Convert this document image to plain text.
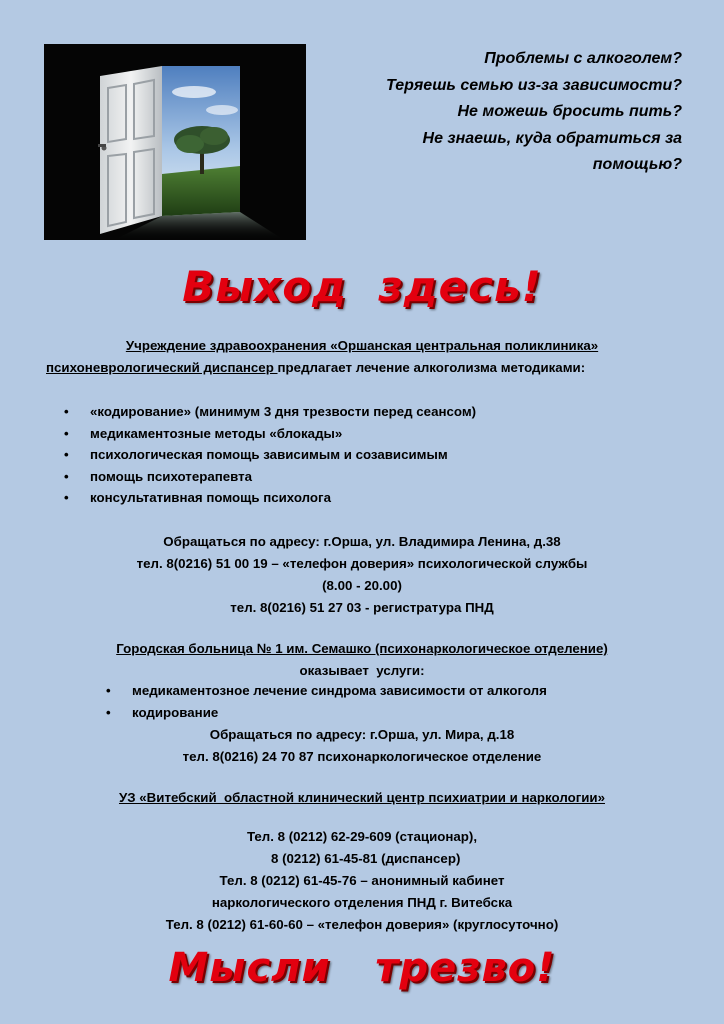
Проблемы с алкоголем?
Теряешь семью из-за зависимости?
Не можешь бросить пить?
Не знаешь, куда обратиться за
помощью?
Выход  здесь!
Учреждение здравоохранения «Оршанская центральная поликлиника»
психоневрологический диспансер предлагает лечение алкоголизма методиками:
• «кодирование» (минимум 3 дня трезвости перед сеансом)
• медикаментозные методы «блокады»
• психологическая помощь зависимым и созависимым
• помощь психотерапевта
• консультативная помощь психолога
Обращаться по адресу: г.Орша, ул. Владимира Ленина, д.38
тел. 8(0216) 51 00 19 – «телефон доверия» психологической службы
(8.00 - 20.00)
тел. 8(0216) 51 27 03 - регистратура ПНД
Городская больница № 1 им. Семашко (психонаркологическое отделение)
оказывает  услуги:
• медикаментозное лечение синдрома зависимости от алкоголя
• кодирование
Обращаться по адресу: г.Орша, ул. Мира, д.18
тел. 8(0216) 24 70 87 психонаркологическое отделение
УЗ «Витебский  областной клинический центр психиатрии и наркологии»
Тел. 8 (0212) 62-29-609 (стационар),
8 (0212) 61-45-81 (диспансер)
Тел. 8 (0212) 61-45-76 – анонимный кабинет
наркологического отделения ПНД г. Витебска
Тел. 8 (0212) 61-60-60 – «телефон доверия» (круглосуточно)
Мысли   трезво!
